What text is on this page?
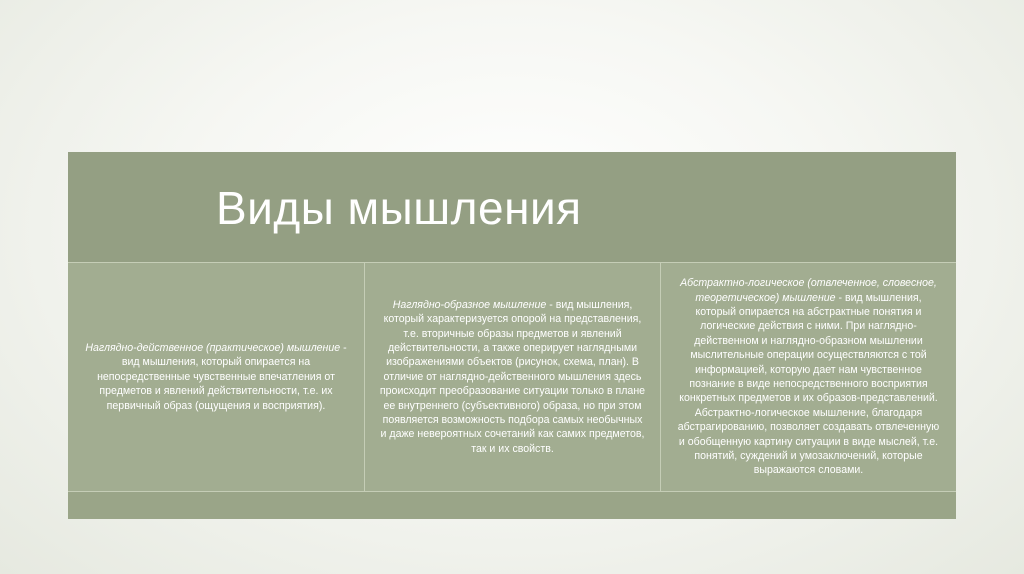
Виды мышления

Наглядно-действенное (практическое) мышление - вид мышления, который опирается на непосредственные чувственные впечатления от предметов и явлений действительности, т.е. их первичный образ (ощущения и восприятия).

Наглядно-образное мышление - вид мышления, который характеризуется опорой на представления, т.е. вторичные образы предметов и явлений действительности, а также оперирует наглядными изображениями объектов (рисунок, схема, план). В отличие от наглядно-действенного мышления здесь происходит преобразование ситуации только в плане ее внутреннего (субъективного) образа, но при этом появляется возможность подбора самых необычных и даже невероятных сочетаний как самих предметов, так и их свойств.

Абстрактно-логическое (отвлеченное, словесное, теоретическое) мышление - вид мышления, который опирается на абстрактные понятия и логические действия с ними. При наглядно-действенном и наглядно-образном мышлении мыслительные операции осуществляются с той информацией, которую дает нам чувственное познание в виде непосредственного восприятия конкретных предметов и их образов-представлений. Абстрактно-логическое мышление, благодаря абстрагированию, позволяет создавать отвлеченную и обобщенную картину ситуации в виде мыслей, т.е. понятий, суждений и умозаключений, которые выражаются словами.
